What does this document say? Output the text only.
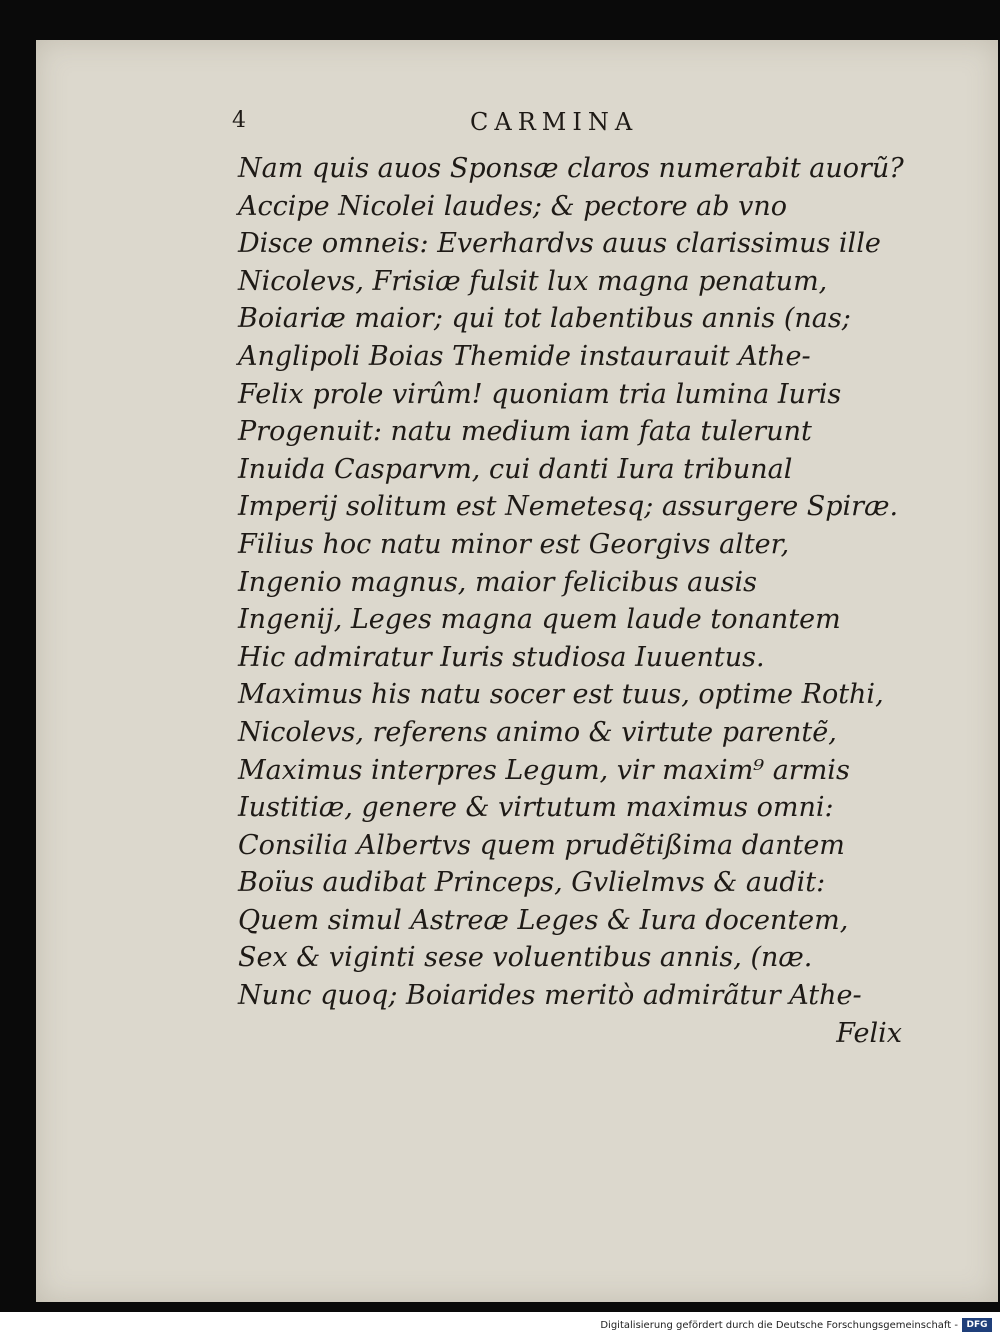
4	CARMINA
Nam quis auos Sponsæ claros numerabit auorũ?
Accipe Nicolei laudes; & pectore ab vno
Disce omneis: Everhardvs auus clarissimus ille
Nicolevs, Frisiæ fulsit lux magna penatum,
Boiariæ maior; qui tot labentibus annis (nas;
Anglipoli Boias Themide instaurauit Athe-
Felix prole virûm! quoniam tria lumina Iuris
Progenuit: natu medium iam fata tulerunt
Inuida Casparvm, cui danti Iura tribunal
Imperij solitum est Nemetesq; assurgere Spiræ.
Filius hoc natu minor est Georgivs alter,
Ingenio magnus, maior felicibus ausis
Ingenij, Leges magna quem laude tonantem
Hic admiratur Iuris studiosa Iuuentus.
Maximus his natu socer est tuus, optime Rothi,
Nicolevs, referens animo & virtute parentẽ,
Maximus interpres Legum, vir maxim⁹ armis
Iustitiæ, genere & virtutum maximus omni:
Consilia Albertvs quem prudẽtißima dantem
Boïus audibat Princeps, Gvlielmvs & audit:
Quem simul Astreæ Leges & Iura docentem,
Sex & viginti sese voluentibus annis, (næ.
Nunc quoq; Boiarides meritò admirãtur Athe-
Felix
Digitalisierung gefördert durch die Deutsche Forschungsgemeinschaft - DFG
